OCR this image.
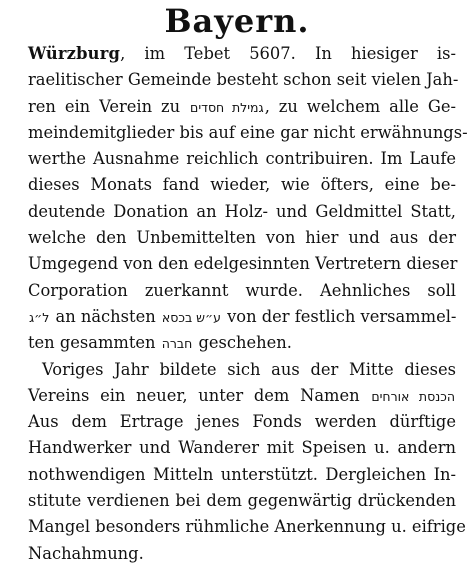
Bayern.
Würzburg, im Tebet 5607. In hiesiger is-
raelitischer Gemeinde besteht schon seit vielen Jah-
ren ein Verein zu גמילת חסדים, zu welchem alle Ge-
meindemitglieder bis auf eine gar nicht erwähnungs-
werthe Ausnahme reichlich contribuiren. Im Laufe
dieses Monats fand wieder, wie öfters, eine be-
deutende Donation an Holz- und Geldmittel Statt,
welche den Unbemittelten von hier und aus der
Umgegend von den edelgesinnten Vertretern dieser
Corporation zuerkannt wurde. Aehnliches soll
ל״ג an nächsten ע״ש בכסא von der festlich versammel-
ten gesammten חברה geschehen.
Voriges Jahr bildete sich aus der Mitte dieses
Vereins ein neuer, unter dem Namen הכנסת אורחים
Aus dem Ertrage jenes Fonds werden dürftige
Handwerker und Wanderer mit Speisen u. andern
nothwendigen Mitteln unterstützt. Dergleichen In-
stitute verdienen bei dem gegenwärtig drückenden
Mangel besonders rühmliche Anerkennung u. eifrige
Nachahmung.
